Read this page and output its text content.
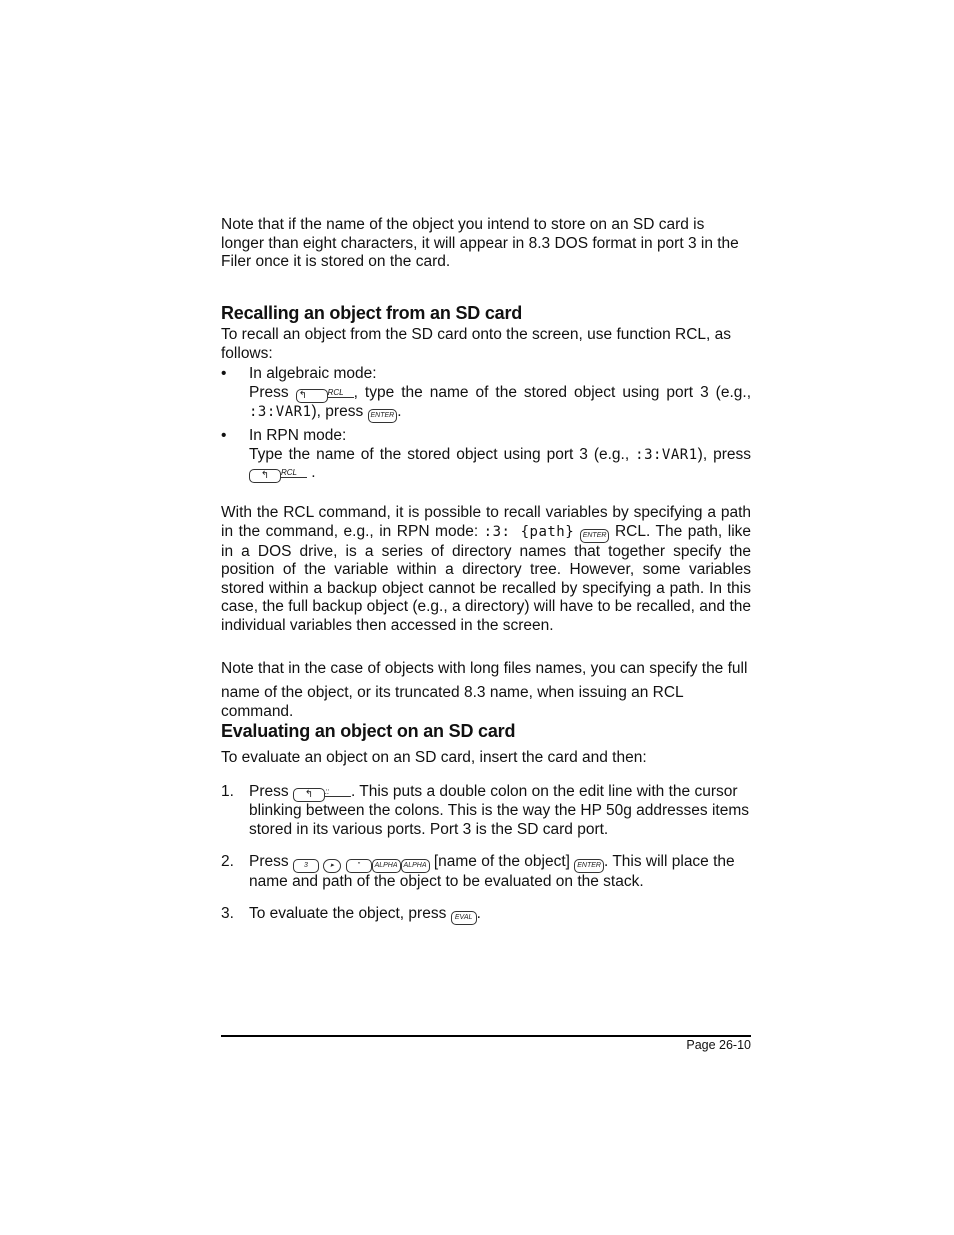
Note that if the name of the object you intend to store on an SD card is longer than eight characters, it will appear in 8.3 DOS format in port 3 in the Filer once it is stored on the card.

Recalling an object from an SD card

To recall an object from the SD card onto the screen, use function RCL, as follows:

• In algebraic mode:
Press ↰	RCL , type the name of the stored object using port 3 (e.g.,
:3:VAR1), press ENTER .
• In RPN mode:
Type the name of the stored object using port 3 (e.g., :3:VAR1), press
↰ RCL .

With the RCL command, it is possible to recall variables by specifying a path in the command, e.g., in RPN mode: :3: {path} ENTER RCL. The path, like in a DOS drive, is a series of directory names that together specify the position of the variable within a directory tree. However, some variables stored within a backup object cannot be recalled by specifying a path. In this case, the full backup object (e.g., a directory) will have to be recalled, and the individual variables then accessed in the screen.

Note that in the case of objects with long files names, you can specify the full

name of the object, or its truncated 8.3 name, when issuing an RCL command.

Evaluating an object on an SD card

To evaluate an object on an SD card, insert the card and then:

1. Press ↰ ::. This puts a double colon on the edit line with the cursor blinking between the colons. This is the way the HP 50g addresses items stored in its various ports. Port 3 is the SD card port.
2. Press 3	▸	" ALPHA ALPHA [name of the object] ENTER . This will place the name and path of the object to be evaluated on the stack.
3. To evaluate the object, press EVAL .
Page 26-10
